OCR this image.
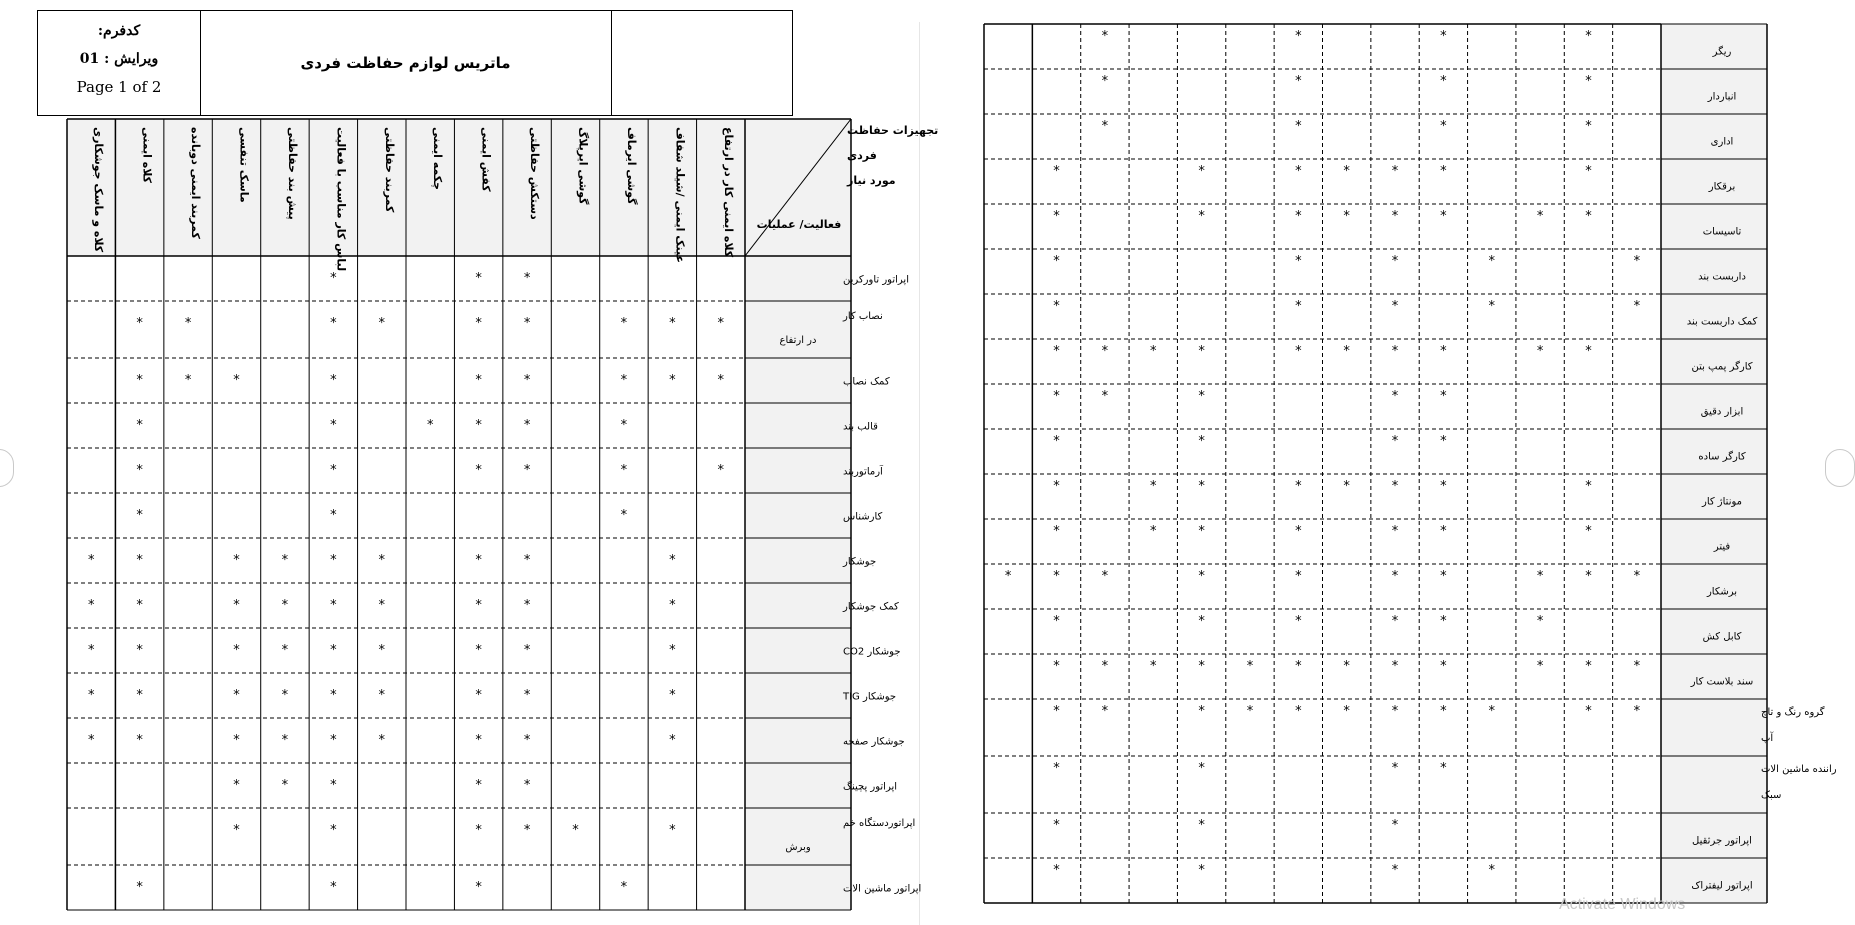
کدفرم:
ویرایش : 01
Page 1 of 2
ماتریس لوازم حفاظت فردی
تجهیزات حفاظت
فردی
مورد نیاز
فعالیت/ عملیات
کلاه ایمنی کار در ارتفاع
عینک ایمنی /شیلد شفاف
گوشی ایرماف
گوشی ایرپلاگ
دستکش حفاظتی
کفش ایمنی
چکمه ایمنی
کمربند حفاظتی
لباس کار مناسب با فعالیت
پیش بند حفاظتی
ماسک تنفسی
کمربند ایمنی دوبانده
کلاه ایمنی
کلاه و ماسک جوشکاری
اپراتور تاورکرین
*
*
*
نصاب کار
در ارتفاع
*
*
*
*
*
*
*
*
*
کمک نصاب
*
*
*
*
*
*
*
*
*
قالب بند
*
*
*
*
*
*
آرماتوربند
*
*
*
*
*
*
کارشناس
*
*
*
جوشکار
*
*
*
*
*
*
*
*
*
کمک جوشکار
*
*
*
*
*
*
*
*
*
جوشکار CO2
*
*
*
*
*
*
*
*
*
جوشکار TIG
*
*
*
*
*
*
*
*
*
جوشکار صفحه
*
*
*
*
*
*
*
*
*
اپراتور پچینگ
*
*
*
*
*
اپراتوردستگاه خم
وبرش
*
*
*
*
*
*
اپراتور ماشین الات
*
*
*
*
ریگر
*
*
*
*
انباردار
*
*
*
*
اداری
*
*
*
*
برقکار
*
*
*
*
*
*
*
تاسیسات
*
*
*
*
*
*
*
*
داربست بند
*
*
*
*
*
کمک داربست بند
*
*
*
*
*
کارگر پمپ بتن
*
*
*
*
*
*
*
*
*
*
ابزار دقیق
*
*
*
*
*
کارگر ساده
*
*
*
*
مونتاژ کار
*
*
*
*
*
*
*
*
فیتر
*
*
*
*
*
*
*
برشکار
*
*
*
*
*
*
*
*
*
*
کابل کش
*
*
*
*
*
*
سند بلاست کار
*
*
*
*
*
*
*
*
*
*
*
*
گروه رنگ و تاچ
آپ
*
*
*
*
*
*
*
*
*
*
*
راننده ماشین الات
سبک
*
*
*
*
اپراتور جرثقیل
*
*
*
اپراتور لیفتراک
*
*
*
*
Activate Windows
